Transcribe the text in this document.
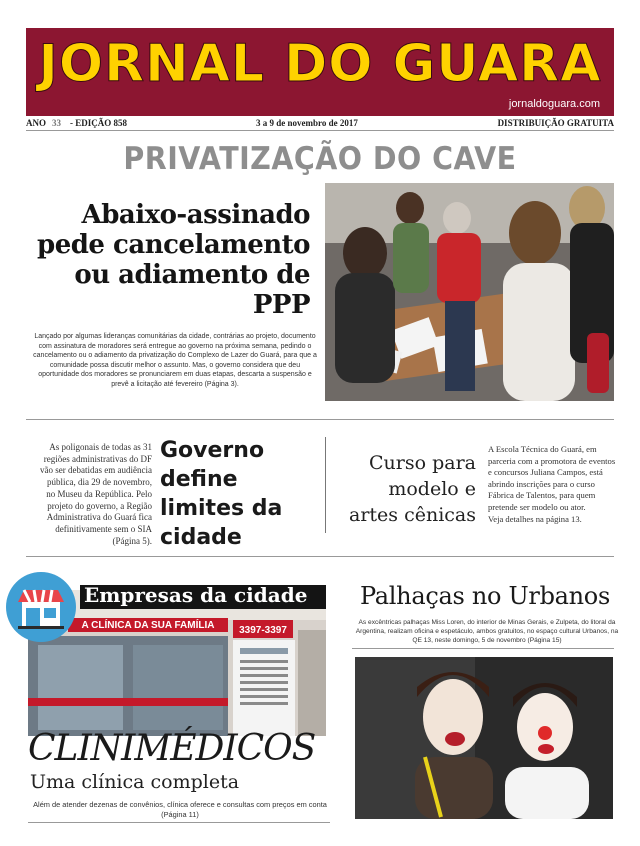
JORNAL DO GUARA
jornaldoguara.com
ANO 33 - EDIÇÃO 858	3 a 9 de novembro de 2017	DISTRIBUIÇÃO GRATUITA
PRIVATIZAÇÃO DO CAVE
Abaixo-assinado pede cancelamento ou adiamento de PPP
Lançado por algumas lideranças comunitárias da cidade, contrárias ao projeto, documento com assinatura de moradores será entregue ao governo na próxima semana, pedindo o cancelamento ou o adiamento da privatização do Complexo de Lazer do Guará, para que a comunidade possa discutir melhor o assunto. Mas, o governo considera que deu oportunidade dos moradores se pronunciarem em duas etapas, descarta a suspensão e prevê a licitação até fevereiro (Página 3).
As poligonais de todas as 31 regiões administrativas do DF vão ser debatidas em audiência pública, dia 29 de novembro, no Museu da República. Pelo projeto do governo, a Região Administrativa do Guará fica definitivamente sem o SIA (Página 5).
Governo define limites da cidade
Curso para modelo e artes cênicas
A Escola Técnica do Guará, em parceria com a promotora de eventos e concursos Juliana Campos, está abrindo inscrições para o curso Fábrica de Talentos, para quem pretende ser modelo ou ator.
Veja detalhes na página 13.
A CLÍNICA DA SUA FAMÍLIA 3397-3397
Empresas da cidade
CLINIMÉDICOS
Uma clínica completa
Além de atender dezenas de convênios, clínica oferece e consultas com preços em conta (Página 11)
Palhaças no Urbanos
As excêntricas palhaças Miss Loren, do interior de Minas Gerais, e Zulpeta, do litoral da Argentina, realizam oficina e espetáculo, ambos gratuitos, no espaço cultural Urbanos, na QE 13, neste domingo, 5 de novembro (Página 15)
